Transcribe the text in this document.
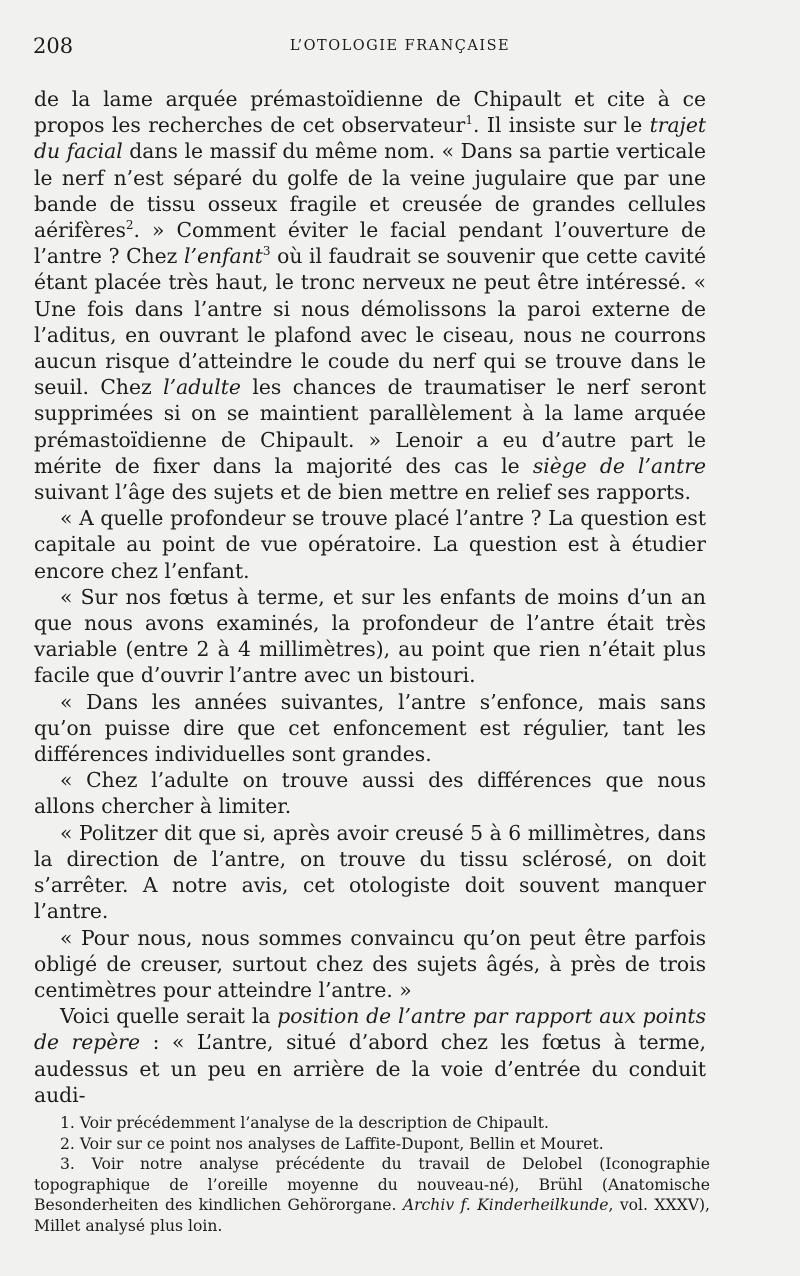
208	L’OTOLOGIE FRANÇAISE

de la lame arquée prémastoïdienne de Chipault et cite à ce propos les recherches de cet observateur$^1$. Il insiste sur le trajet du facial dans le massif du même nom. « Dans sa partie verticale le nerf n’est séparé du golfe de la veine jugulaire que par une bande de tissu osseux fragile et creusée de grandes cellules aérifères$^2$. » Comment éviter le facial pendant l’ouverture de l’antre ? Chez l’enfant$^3$ où il faudrait se souvenir que cette cavité étant placée très haut, le tronc nerveux ne peut être intéressé. « Une fois dans l’antre si nous démolissons la paroi externe de l’aditus, en ouvrant le plafond avec le ciseau, nous ne courrons aucun risque d’atteindre le coude du nerf qui se trouve dans le seuil. Chez l’adulte les chances de traumatiser le nerf seront supprimées si on se maintient parallèlement à la lame arquée prémastoïdienne de Chipault. » Lenoir a eu d’autre part le mérite de fixer dans la majorité des cas le siège de l’antre suivant l’âge des sujets et de bien mettre en relief ses rapports.

« A quelle profondeur se trouve placé l’antre ? La question est capitale au point de vue opératoire. La question est à étudier encore chez l’enfant.

« Sur nos fœtus à terme, et sur les enfants de moins d’un an que nous avons examinés, la profondeur de l’antre était très variable (entre 2 à 4 millimètres), au point que rien n’était plus facile que d’ouvrir l’antre avec un bistouri.

« Dans les années suivantes, l’antre s’enfonce, mais sans qu’on puisse dire que cet enfoncement est régulier, tant les différences individuelles sont grandes.

« Chez l’adulte on trouve aussi des différences que nous allons chercher à limiter.

« Politzer dit que si, après avoir creusé 5 à 6 millimètres, dans la direction de l’antre, on trouve du tissu sclérosé, on doit s’arrêter. A notre avis, cet otologiste doit souvent manquer l’antre.

« Pour nous, nous sommes convaincu qu’on peut être parfois obligé de creuser, surtout chez des sujets âgés, à près de trois centimètres pour atteindre l’antre. »

Voici quelle serait la position de l’antre par rapport aux points de repère : « L’antre, situé d’abord chez les fœtus à terme, audessus et un peu en arrière de la voie d’entrée du conduit audi-

1. Voir précédemment l’analyse de la description de Chipault.

2. Voir sur ce point nos analyses de Laffite-Dupont, Bellin et Mouret.

3. Voir notre analyse précédente du travail de Delobel (Iconographie topographique de l’oreille moyenne du nouveau-né), Brühl (Anatomische Besonderheiten des kindlichen Gehörorgane. Archiv f. Kinderheilkunde, vol. XXXV), Millet analysé plus loin.
